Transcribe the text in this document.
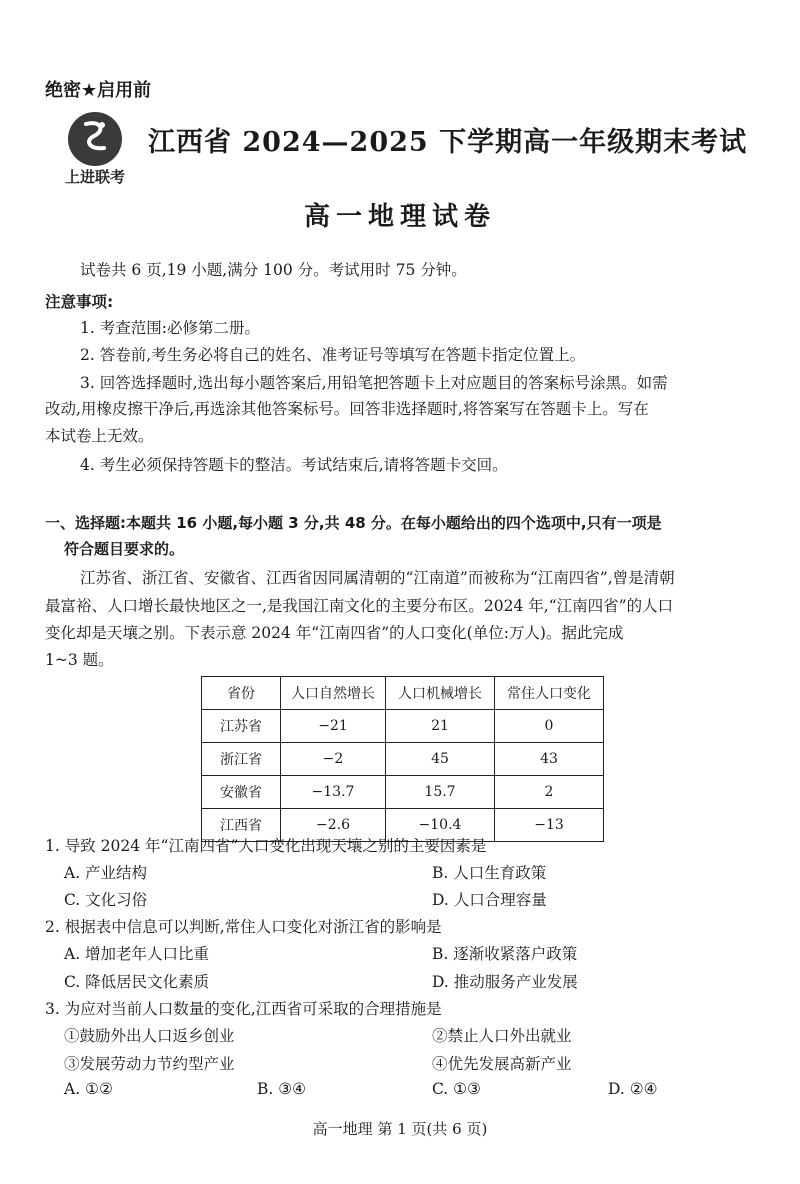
绝密★启用前
上进联考
江西省 2024—2025 下学期高一年级期末考试
高一地理试卷
试卷共 6 页,19 小题,满分 100 分。考试用时 75 分钟。
注意事项:
1. 考查范围:必修第二册。
2. 答卷前,考生务必将自己的姓名、准考证号等填写在答题卡指定位置上。
3. 回答选择题时,选出每小题答案后,用铅笔把答题卡上对应题目的答案标号涂黑。如需
改动,用橡皮擦干净后,再选涂其他答案标号。回答非选择题时,将答案写在答题卡上。写在
本试卷上无效。
4. 考生必须保持答题卡的整洁。考试结束后,请将答题卡交回。
一、选择题:本题共 16 小题,每小题 3 分,共 48 分。在每小题给出的四个选项中,只有一项是
符合题目要求的。
江苏省、浙江省、安徽省、江西省因同属清朝的“江南道”而被称为“江南四省”,曾是清朝
最富裕、人口增长最快地区之一,是我国江南文化的主要分布区。2024 年,“江南四省”的人口
变化却是天壤之别。下表示意 2024 年“江南四省”的人口变化(单位:万人)。据此完成
1~3 题。
省份	人口自然增长	人口机械增长	常住人口变化
江苏省	−21	21	0
浙江省	−2	45	43
安徽省	−13.7	15.7	2
江西省	−2.6	−10.4	−13
1. 导致 2024 年“江南四省”人口变化出现天壤之别的主要因素是
A. 产业结构	B. 人口生育政策
C. 文化习俗	D. 人口合理容量
2. 根据表中信息可以判断,常住人口变化对浙江省的影响是
A. 增加老年人口比重	B. 逐渐收紧落户政策
C. 降低居民文化素质	D. 推动服务产业发展
3. 为应对当前人口数量的变化,江西省可采取的合理措施是
①鼓励外出人口返乡创业	②禁止人口外出就业
③发展劳动力节约型产业	④优先发展高新产业
A. ①②	B. ③④	C. ①③	D. ②④
高一地理 第 1 页(共 6 页)
